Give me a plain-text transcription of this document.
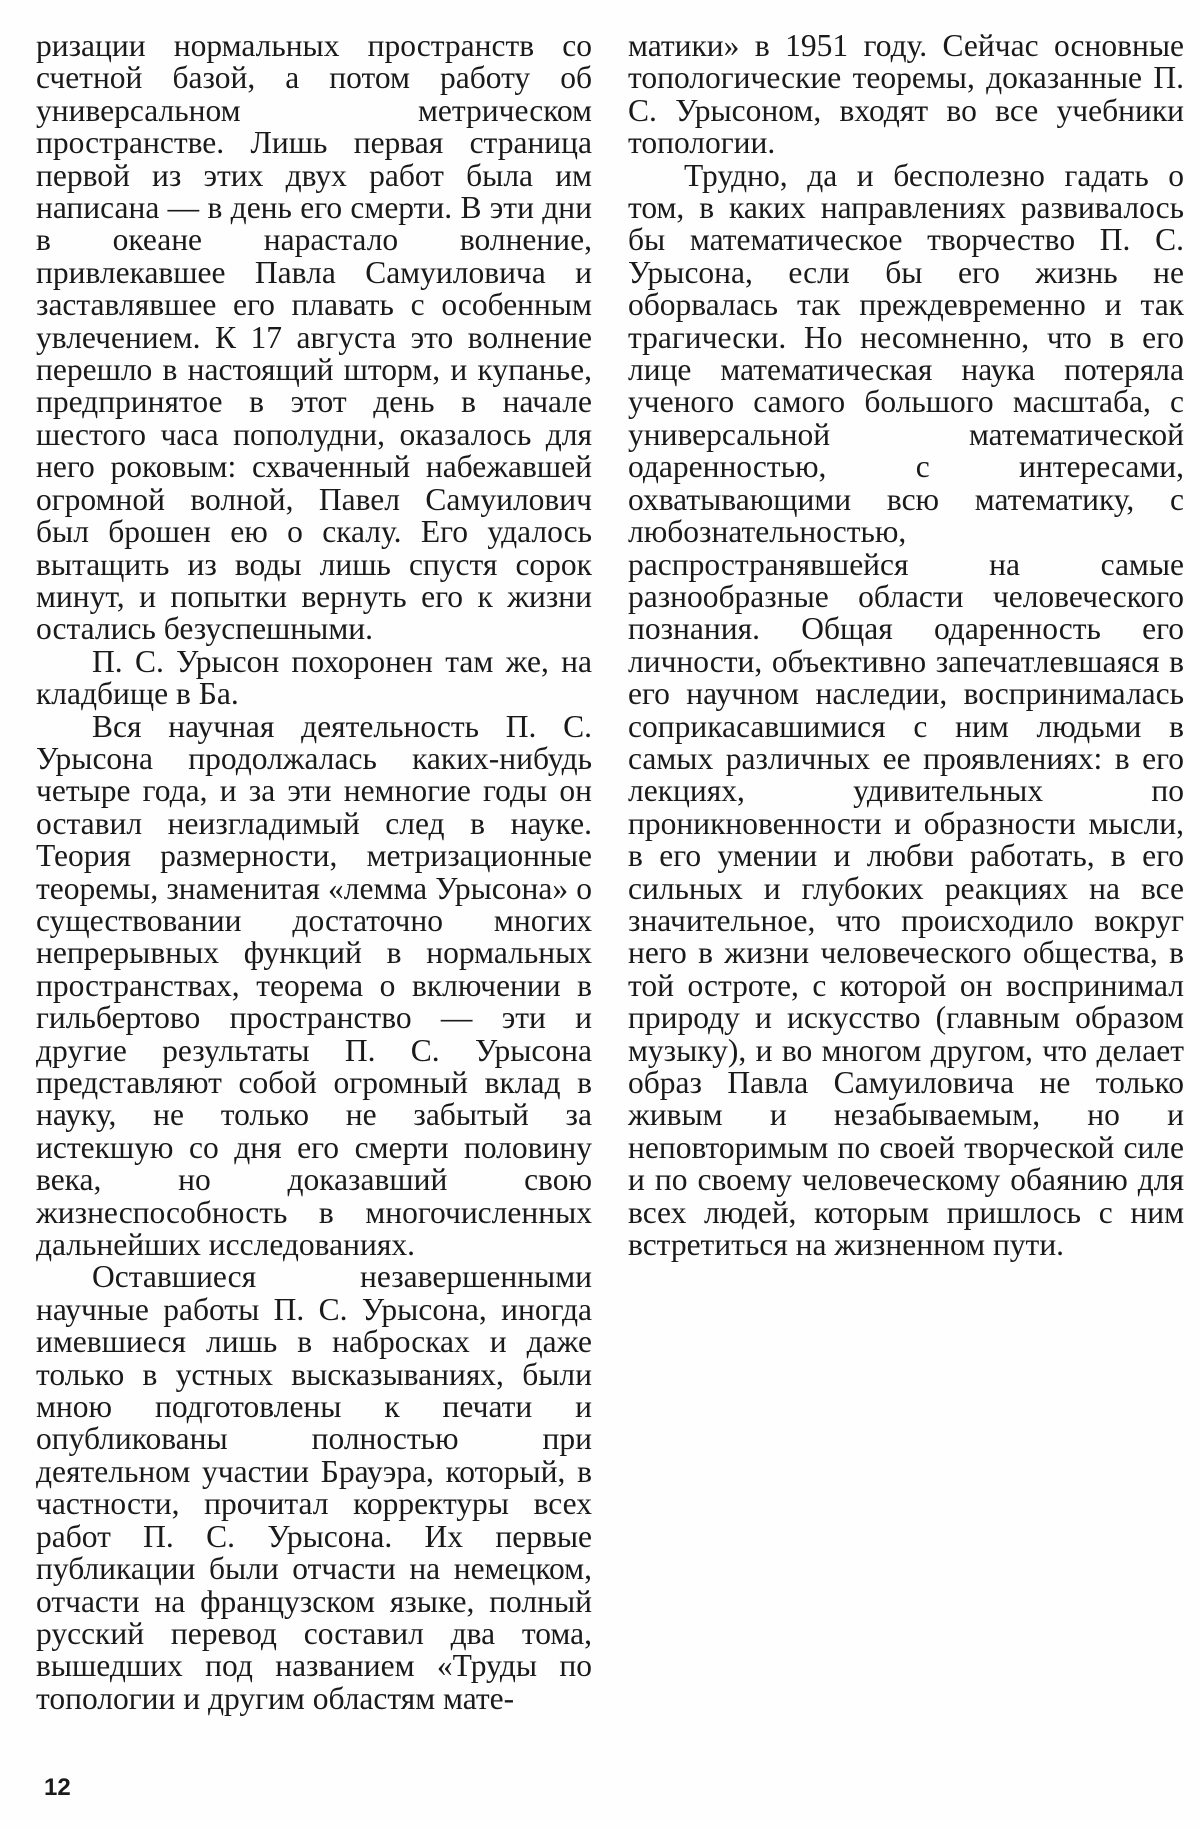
ризации нормальных пространств со счетной базой, а потом работу об универсальном метрическом пространстве. Лишь первая страница первой из этих двух работ была им написана — в день его смерти. В эти дни в океане нарастало волнение, привлекавшее Павла Самуиловича и заставлявшее его плавать с особенным увлечением. К 17 августа это волнение перешло в настоящий шторм, и купанье, предпринятое в этот день в начале шестого часа пополудни, оказалось для него роковым: схваченный набежавшей огромной волной, Павел Самуилович был брошен ею о скалу. Его удалось вытащить из воды лишь спустя сорок минут, и попытки вернуть его к жизни остались безуспешными.

П. С. Урысон похоронен там же, на кладбище в Ба.

Вся научная деятельность П. С. Урысона продолжалась каких-нибудь четыре года, и за эти немногие годы он оставил неизгладимый след в науке. Теория размерности, метризационные теоремы, знаменитая «лемма Урысона» о существовании достаточно многих непрерывных функций в нормальных пространствах, теорема о включении в гильбертово пространство — эти и другие результаты П. С. Урысона представляют собой огромный вклад в науку, не только не забытый за истекшую со дня его смерти половину века, но доказавший свою жизнеспособность в многочисленных дальнейших исследованиях.

Оставшиеся незавершенными научные работы П. С. Урысона, иногда имевшиеся лишь в набросках и даже только в устных высказываниях, были мною подготовлены к печати и опубликованы полностью при деятельном участии Брауэра, который, в частности, прочитал корректуры всех работ П. С. Урысона. Их первые публикации были отчасти на немецком, отчасти на французском языке, полный русский перевод составил два тома, вышедших под названием «Труды по топологии и другим областям мате-

матики» в 1951 году. Сейчас основные топологические теоремы, доказанные П. С. Урысоном, входят во все учебники топологии.

Трудно, да и бесполезно гадать о том, в каких направлениях развивалось бы математическое творчество П. С. Урысона, если бы его жизнь не оборвалась так преждевременно и так трагически. Но несомненно, что в его лице математическая наука потеряла ученого самого большого масштаба, с универсальной математической одаренностью, с интересами, охватывающими всю математику, с любознательностью, распространявшейся на самые разнообразные области человеческого познания. Общая одаренность его личности, объективно запечатлевшаяся в его научном наследии, воспринималась соприкасавшимися с ним людьми в самых различных ее проявлениях: в его лекциях, удивительных по проникновенности и образности мысли, в его умении и любви работать, в его сильных и глубоких реакциях на все значительное, что происходило вокруг него в жизни человеческого общества, в той остроте, с которой он воспринимал природу и искусство (главным образом музыку), и во многом другом, что делает образ Павла Самуиловича не только живым и незабываемым, но и неповторимым по своей творческой силе и по своему человеческому обаянию для всех людей, которым пришлось с ним встретиться на жизненном пути.

12
